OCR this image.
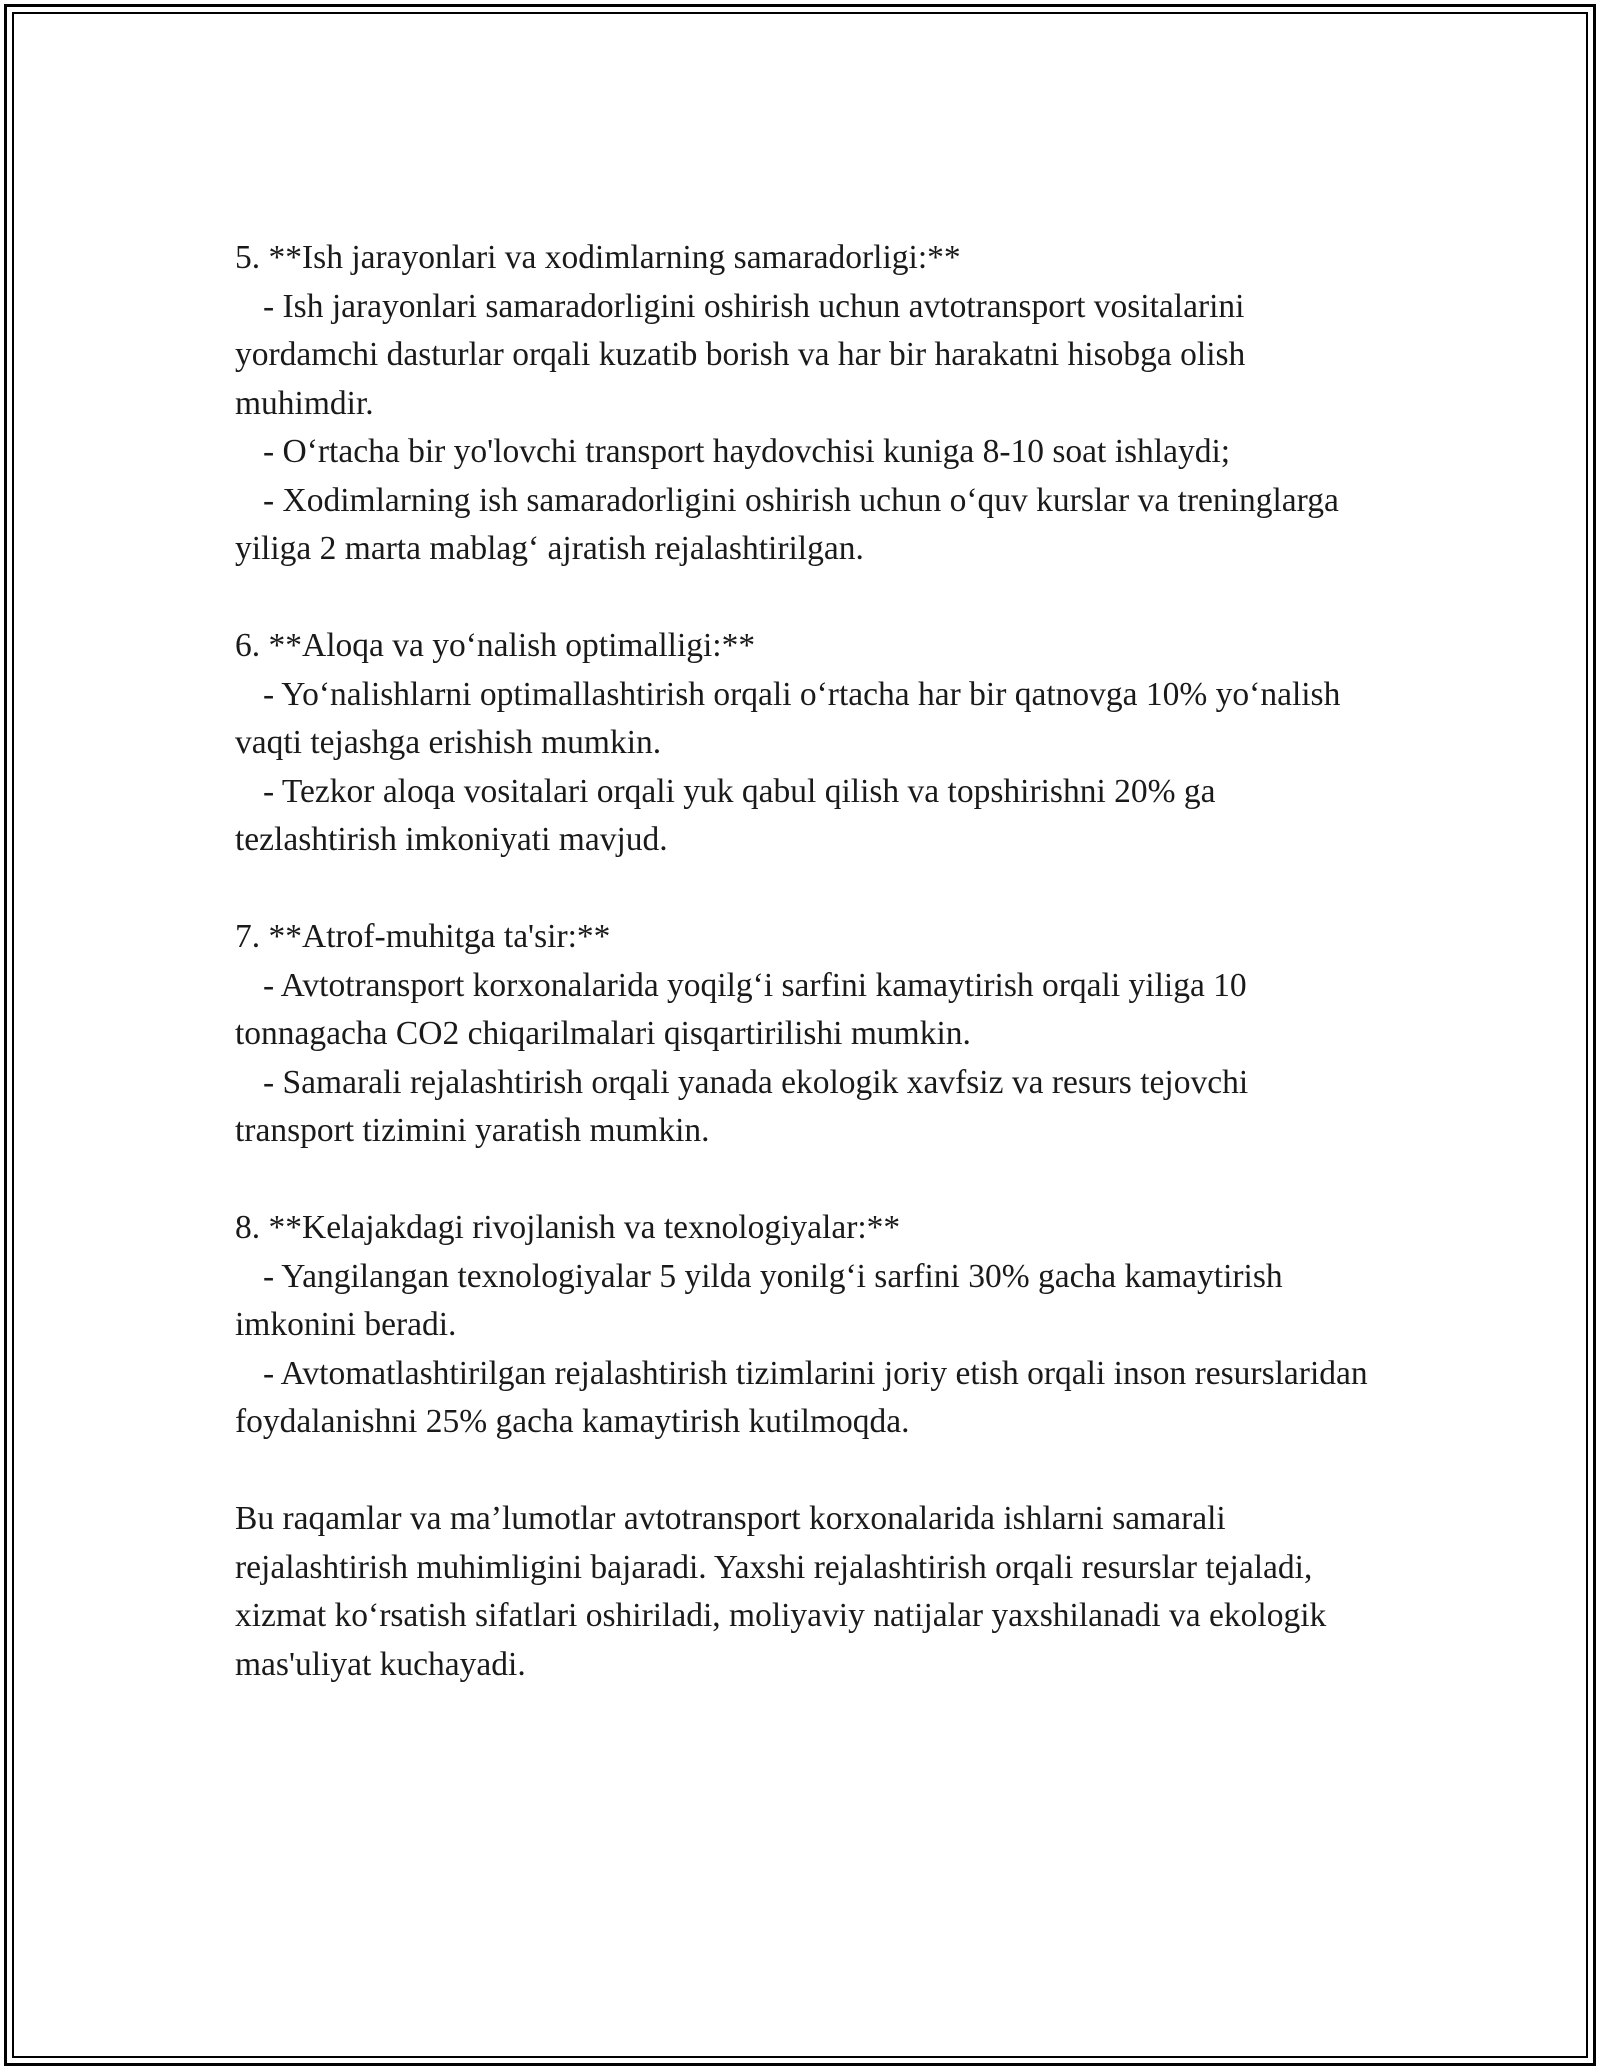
5. **Ish jarayonlari va xodimlarning samaradorligi:**
- Ish jarayonlari samaradorligini oshirish uchun avtotransport vositalarini yordamchi dasturlar orqali kuzatib borish va har bir harakatni hisobga olish muhimdir.
- O‘rtacha bir yo'lovchi transport haydovchisi kuniga 8-10 soat ishlaydi;
- Xodimlarning ish samaradorligini oshirish uchun o‘quv kurslar va treninglarga yiliga 2 marta mablag‘ ajratish rejalashtirilgan.
6. **Aloqa va yo‘nalish optimalligi:**
- Yo‘nalishlarni optimallashtirish orqali o‘rtacha har bir qatnovga 10% yo‘nalish vaqti tejashga erishish mumkin.
- Tezkor aloqa vositalari orqali yuk qabul qilish va topshirishni 20% ga tezlashtirish imkoniyati mavjud.
7. **Atrof-muhitga ta'sir:**
- Avtotransport korxonalarida yoqilg‘i sarfini kamaytirish orqali yiliga 10 tonnagacha CO2 chiqarilmalari qisqartirilishi mumkin.
- Samarali rejalashtirish orqali yanada ekologik xavfsiz va resurs tejovchi transport tizimini yaratish mumkin.
8. **Kelajakdagi rivojlanish va texnologiyalar:**
- Yangilangan texnologiyalar 5 yilda yonilg‘i sarfini 30% gacha kamaytirish imkonini beradi.
- Avtomatlashtirilgan rejalashtirish tizimlarini joriy etish orqali inson resurslaridan foydalanishni 25% gacha kamaytirish kutilmoqda.
Bu raqamlar va ma’lumotlar avtotransport korxonalarida ishlarni samarali rejalashtirish muhimligini bajaradi. Yaxshi rejalashtirish orqali resurslar tejaladi, xizmat ko‘rsatish sifatlari oshiriladi, moliyaviy natijalar yaxshilanadi va ekologik mas'uliyat kuchayadi.
